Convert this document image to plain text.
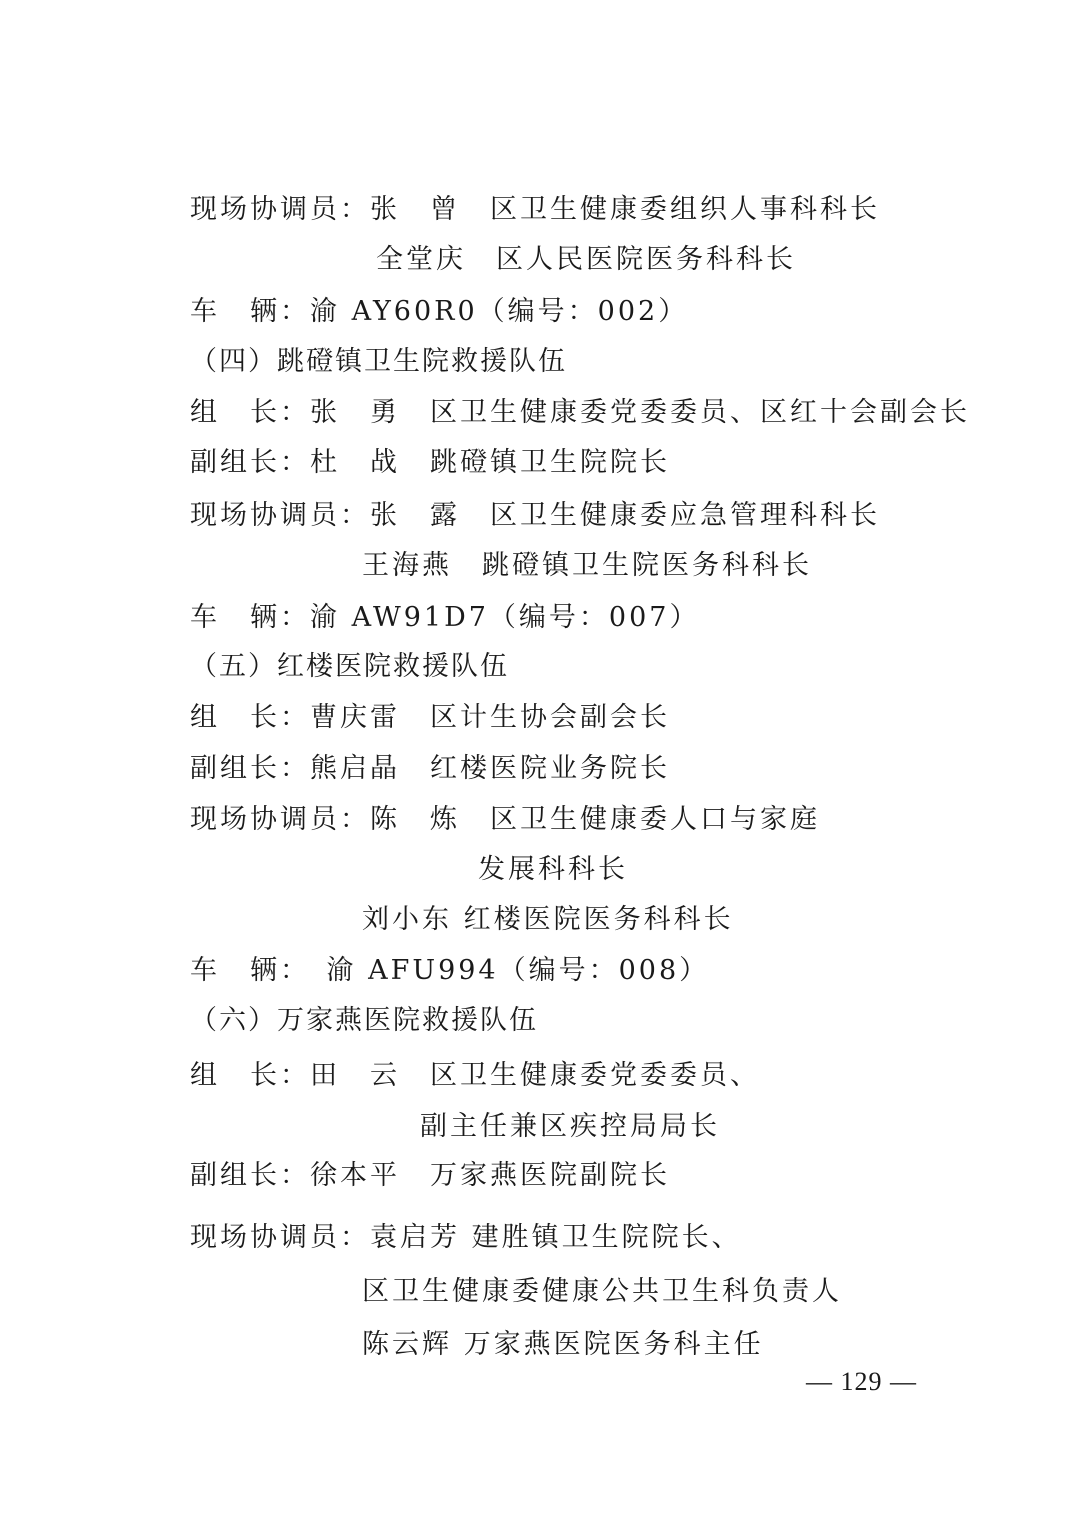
现场协调员：张　曾　区卫生健康委组织人事科科长
全堂庆　区人民医院医务科科长
车　辆：渝 AY60R0（编号：002）
（四）跳磴镇卫生院救援队伍
组　长：张　勇　区卫生健康委党委委员、区红十会副会长
副组长：杜　战　跳磴镇卫生院院长
现场协调员：张　露　区卫生健康委应急管理科科长
王海燕　跳磴镇卫生院医务科科长
车　辆：渝 AW91D7（编号：007）
（五）红楼医院救援队伍
组　长：曹庆雷　区计生协会副会长
副组长：熊启晶　红楼医院业务院长
现场协调员：陈　炼　区卫生健康委人口与家庭
发展科科长
刘小东 红楼医院医务科科长
车　辆：　渝 AFU994（编号：008）
（六）万家燕医院救援队伍
组　长：田　云　区卫生健康委党委委员、
副主任兼区疾控局局长
副组长：徐本平　万家燕医院副院长
现场协调员：袁启芳 建胜镇卫生院院长、
区卫生健康委健康公共卫生科负责人
陈云辉 万家燕医院医务科主任
— 129 —
